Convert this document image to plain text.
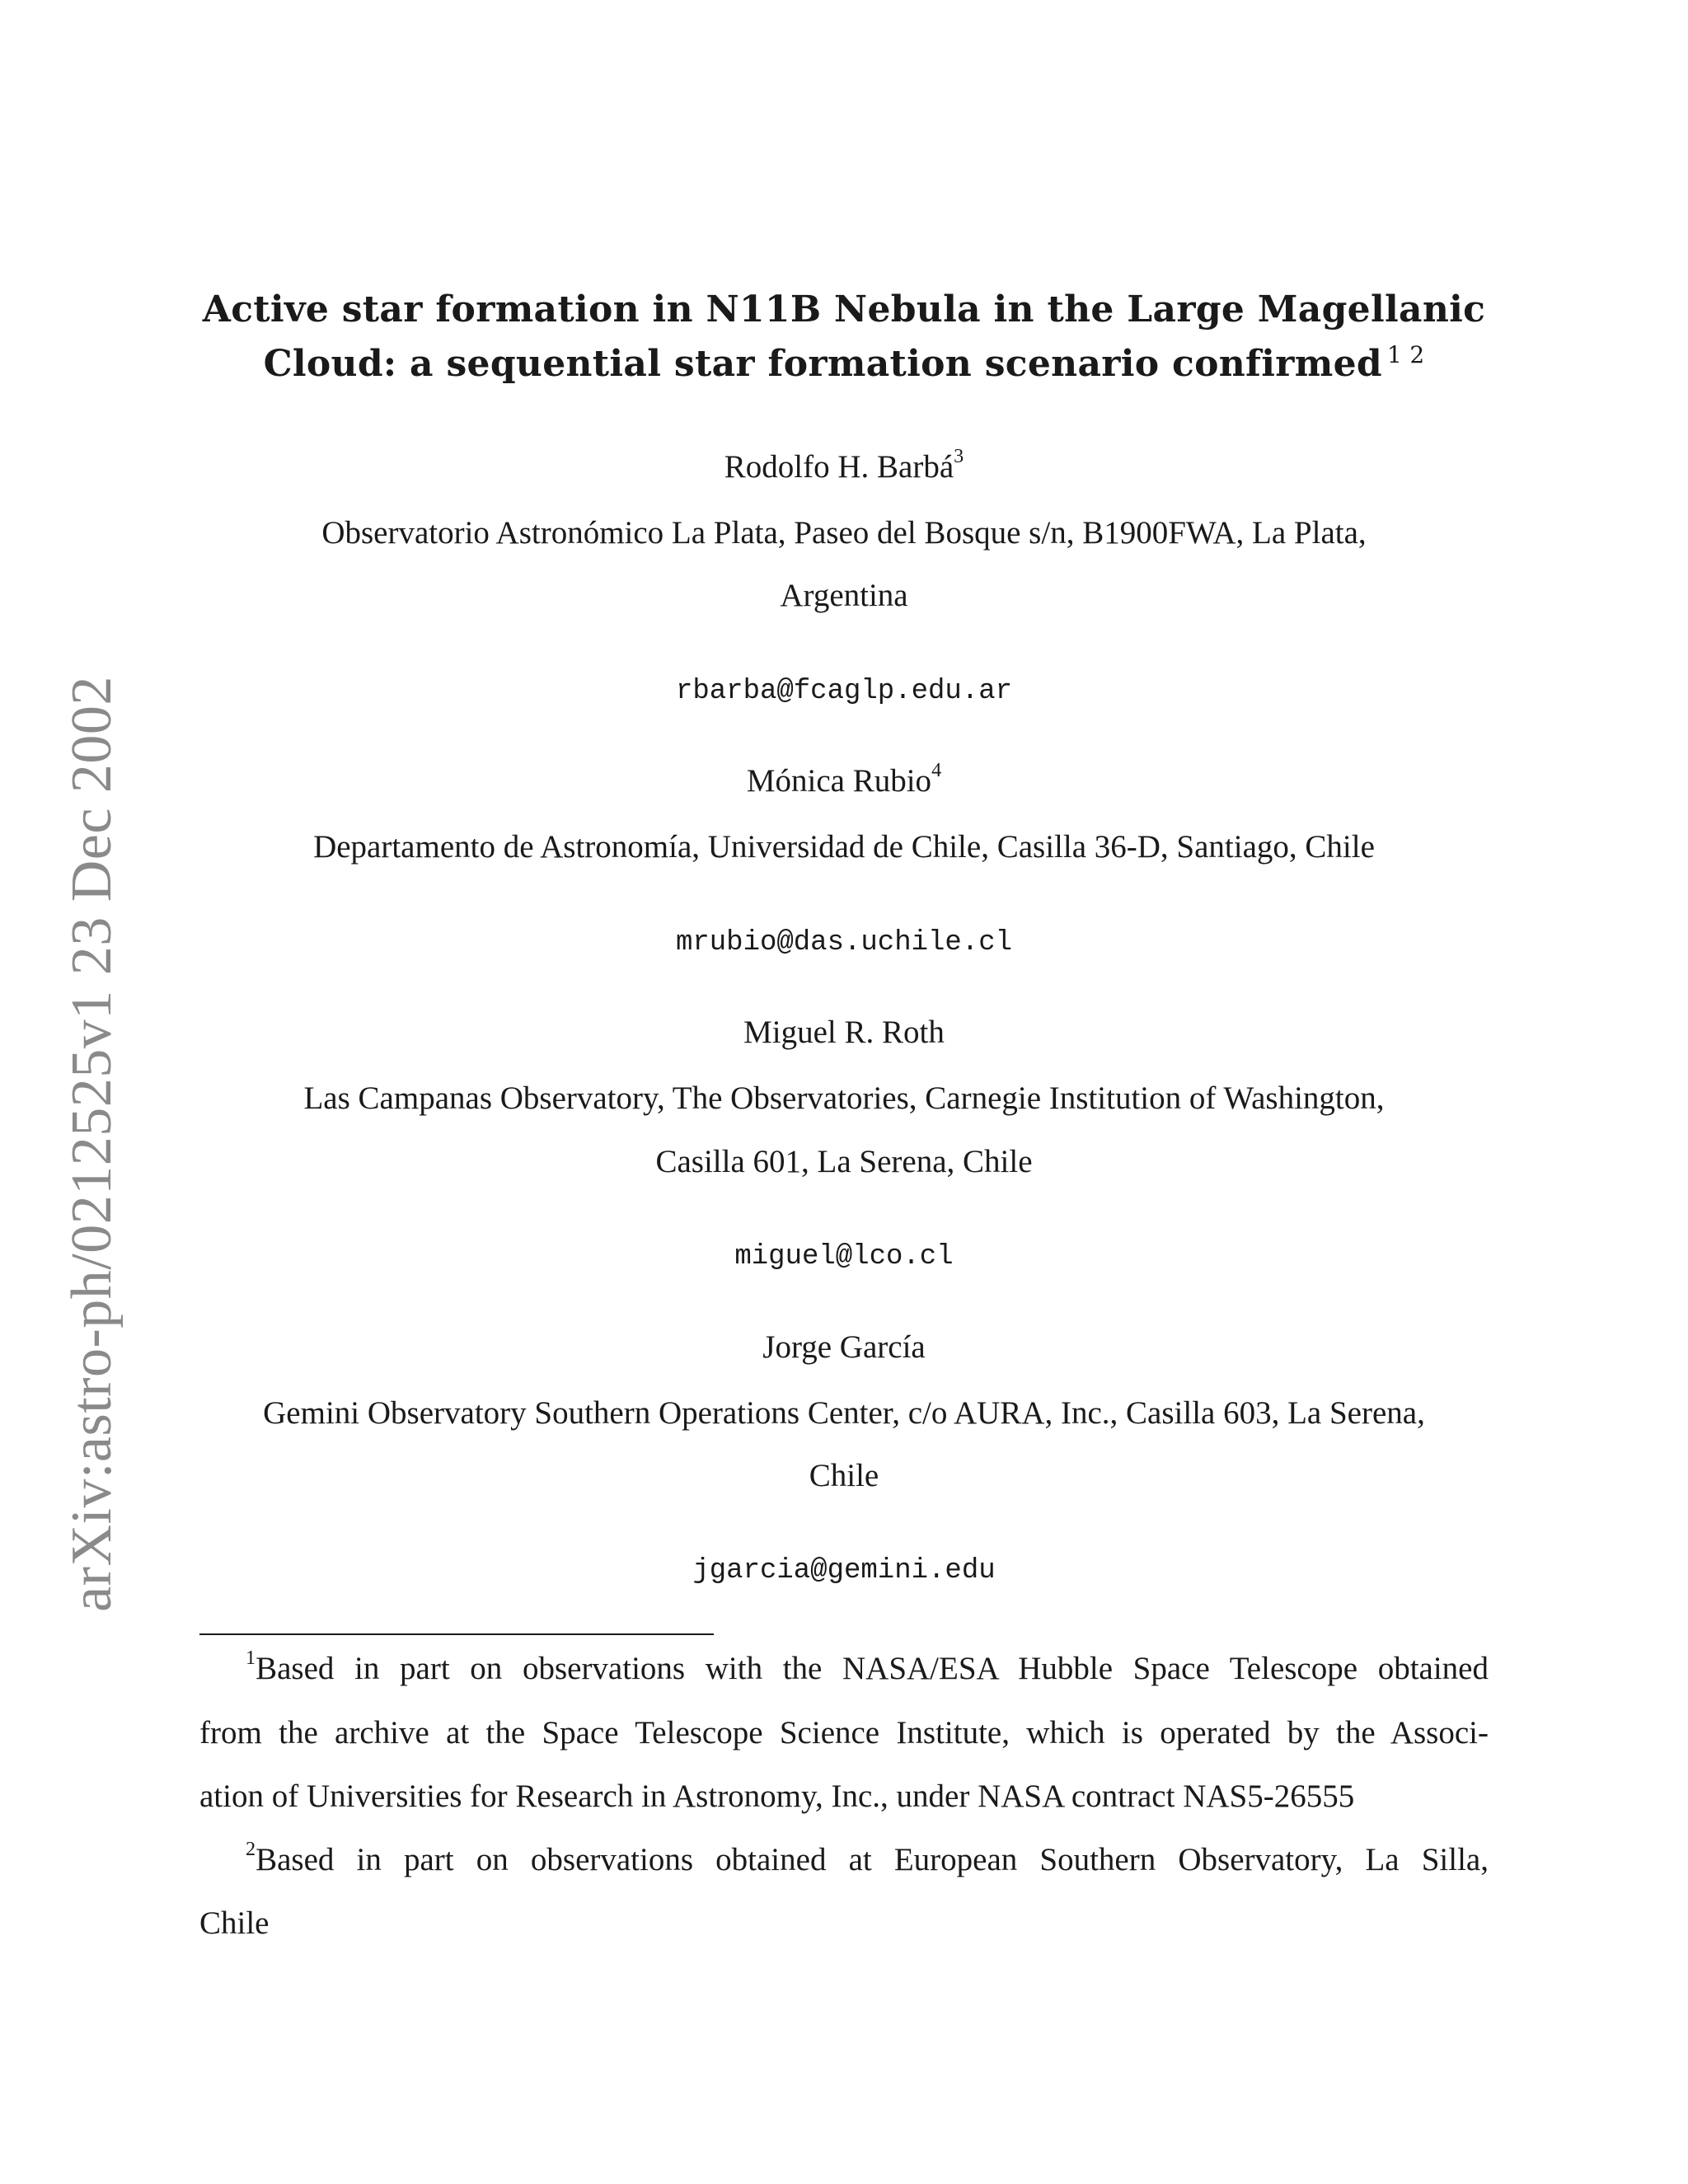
arXiv:astro-ph/0212525v1 23 Dec 2002
Active star formation in N11B Nebula in the Large Magellanic
Cloud: a sequential star formation scenario confirmed $^{1 2}$
Rodolfo H. Barbá$^3$
Observatorio Astronómico La Plata, Paseo del Bosque s/n, B1900FWA, La Plata,
Argentina
rbarba@fcaglp.edu.ar
Mónica Rubio$^4$
Departamento de Astronomía, Universidad de Chile, Casilla 36-D, Santiago, Chile
mrubio@das.uchile.cl
Miguel R. Roth
Las Campanas Observatory, The Observatories, Carnegie Institution of Washington,
Casilla 601, La Serena, Chile
miguel@lco.cl
Jorge García
Gemini Observatory Southern Operations Center, c/o AURA, Inc., Casilla 603, La Serena,
Chile
jgarcia@gemini.edu
$^1$Based in part on observations with the NASA/ESA Hubble Space Telescope obtained
from the archive at the Space Telescope Science Institute, which is operated by the Associ-
ation of Universities for Research in Astronomy, Inc., under NASA contract NAS5-26555
$^2$Based in part on observations obtained at European Southern Observatory, La Silla,
Chile
